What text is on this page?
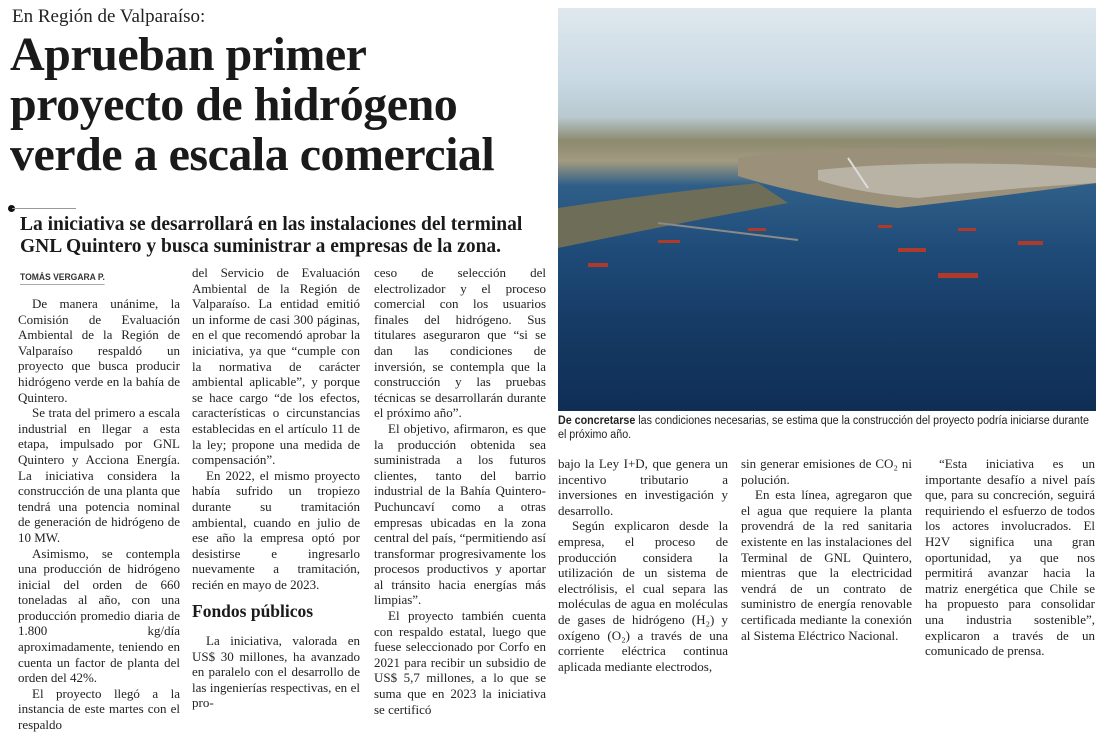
En Región de Valparaíso:
Aprueban primer proyecto de hidrógeno verde a escala comercial
La iniciativa se desarrollará en las instalaciones del terminal GNL Quintero y busca suministrar a empresas de la zona.
TOMÁS VERGARA P.
De concretarse las condiciones necesarias, se estima que la construcción del proyecto podría iniciarse durante el próximo año.

De manera unánime, la Comisión de Evaluación Ambiental de la Región de Valparaíso respaldó un proyecto que busca producir hidrógeno verde en la bahía de Quintero.

Se trata del primero a escala industrial en llegar a esta etapa, impulsado por GNL Quintero y Acciona Energía. La iniciativa considera la construcción de una planta que tendrá una potencia nominal de generación de hidrógeno de 10 MW.

Asimismo, se contempla una producción de hidrógeno inicial del orden de 660 toneladas al año, con una producción promedio diaria de 1.800 kg/día aproximadamente, teniendo en cuenta un factor de planta del orden del 42%.

El proyecto llegó a la instancia de este martes con el respaldo

del Servicio de Evaluación Ambiental de la Región de Valparaíso. La entidad emitió un informe de casi 300 páginas, en el que recomendó aprobar la iniciativa, ya que “cumple con la normativa de carácter ambiental aplicable”, y porque se hace cargo “de los efectos, características o circunstancias establecidas en el artículo 11 de la ley; propone una medida de compensación”.

En 2022, el mismo proyecto había sufrido un tropiezo durante su tramitación ambiental, cuando en julio de ese año la empresa optó por desistirse e ingresarlo nuevamente a tramitación, recién en mayo de 2023.

Fondos públicos

La iniciativa, valorada en US$ 30 millones, ha avanzado en paralelo con el desarrollo de las ingenierías respectivas, en el pro-

ceso de selección del electrolizador y el proceso comercial con los usuarios finales del hidrógeno. Sus titulares aseguraron que “si se dan las condiciones de inversión, se contempla que la construcción y las pruebas técnicas se desarrollarán durante el próximo año”.

El objetivo, afirmaron, es que la producción obtenida sea suministrada a los futuros clientes, tanto del barrio industrial de la Bahía Quintero-Puchuncaví como a otras empresas ubicadas en la zona central del país, “permitiendo así transformar progresivamente los procesos productivos y aportar al tránsito hacia energías más limpias”.

El proyecto también cuenta con respaldo estatal, luego que fuese seleccionado por Corfo en 2021 para recibir un subsidio de US$ 5,7 millones, a lo que se suma que en 2023 la iniciativa se certificó

bajo la Ley I+D, que genera un incentivo tributario a inversiones en investigación y desarrollo.

Según explicaron desde la empresa, el proceso de producción considera la utilización de un sistema de electrólisis, el cual separa las moléculas de agua en moléculas de gases de hidrógeno (H₂) y oxígeno (O₂) a través de una corriente eléctrica continua aplicada mediante electrodos,

sin generar emisiones de CO₂ ni polución.

En esta línea, agregaron que el agua que requiere la planta provendrá de la red sanitaria existente en las instalaciones del Terminal de GNL Quintero, mientras que la electricidad vendrá de un contrato de suministro de energía renovable certificada mediante la conexión al Sistema Eléctrico Nacional.

“Esta iniciativa es un importante desafío a nivel país que, para su concreción, seguirá requiriendo el esfuerzo de todos los actores involucrados. El H2V significa una gran oportunidad, ya que nos permitirá avanzar hacia la matriz energética que Chile se ha propuesto para consolidar una industria sostenible”, explicaron a través de un comunicado de prensa.
